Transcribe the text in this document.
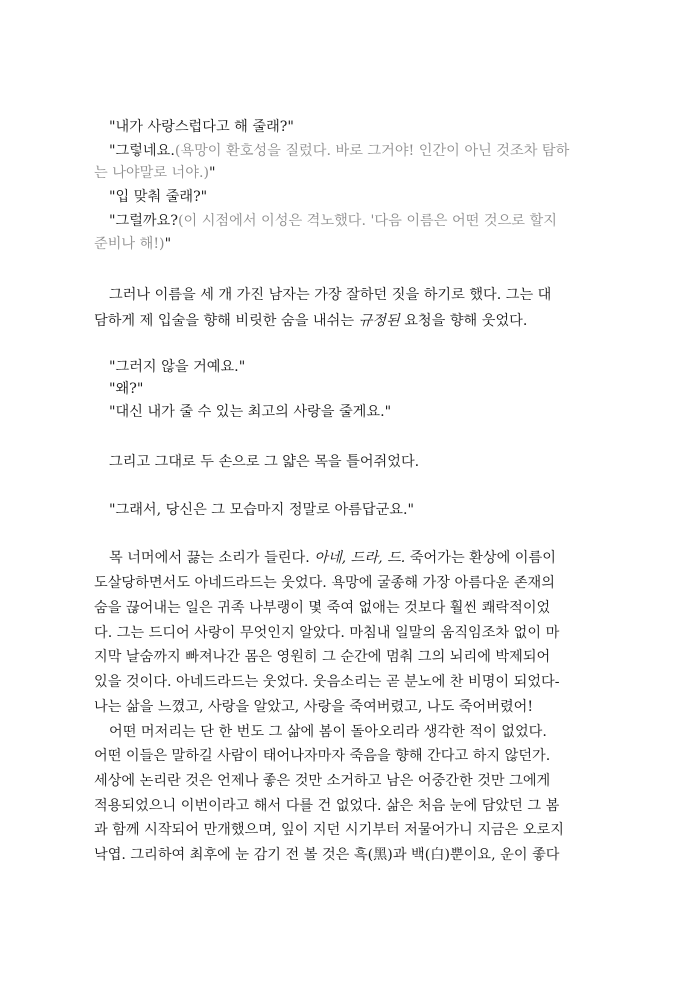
"내가 사랑스럽다고 해 줄래?"
"그렇네요.(욕망이 환호성을 질렀다. 바로 그거야! 인간이 아닌 것조차 탐하
는 나야말로 너야.)"
"입 맞춰 줄래?"
"그럴까요?(이 시점에서 이성은 격노했다. '다음 이름은 어떤 것으로 할지
준비나 해!)"
그러나 이름을 세 개 가진 남자는 가장 잘하던 짓을 하기로 했다. 그는 대
담하게 제 입술을 향해 비릿한 숨을 내쉬는 규정된 요청을 향해 웃었다.
"그러지 않을 거예요."
"왜?"
"대신 내가 줄 수 있는 최고의 사랑을 줄게요."
그리고 그대로 두 손으로 그 얇은 목을 틀어쥐었다.
"그래서, 당신은 그 모습마지 정말로 아름답군요."
목 너머에서 끓는 소리가 들린다. 아네, 드라, 드. 죽어가는 환상에 이름이
도살당하면서도 아네드라드는 웃었다. 욕망에 굴종해 가장 아름다운 존재의
숨을 끊어내는 일은 귀족 나부랭이 몇 죽여 없애는 것보다 훨씬 쾌락적이었
다. 그는 드디어 사랑이 무엇인지 알았다. 마침내 일말의 움직임조차 없이 마
지막 날숨까지 빠져나간 몸은 영원히 그 순간에 멈춰 그의 뇌리에 박제되어
있을 것이다. 아네드라드는 웃었다. 웃음소리는 곧 분노에 찬 비명이 되었다-
나는 삶을 느꼈고, 사랑을 알았고, 사랑을 죽여버렸고, 나도 죽어버렸어!
어떤 머저리는 단 한 번도 그 삶에 봄이 돌아오리라 생각한 적이 없었다.
어떤 이들은 말하길 사람이 태어나자마자 죽음을 향해 간다고 하지 않던가.
세상에 논리란 것은 언제나 좋은 것만 소거하고 남은 어중간한 것만 그에게
적용되었으니 이번이라고 해서 다를 건 없었다. 삶은 처음 눈에 담았던 그 봄
과 함께 시작되어 만개했으며, 잎이 지던 시기부터 저물어가니 지금은 오로지
낙엽. 그리하여 최후에 눈 감기 전 볼 것은 흑(黑)과 백(白)뿐이요, 운이 좋다
